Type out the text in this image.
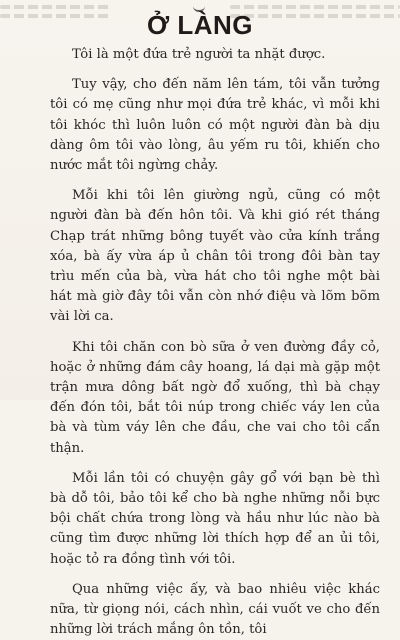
Ở LÀNG

Tôi là một đứa trẻ người ta nhặt được.

Tuy vậy, cho đến năm lên tám, tôi vẫn tưởng tôi có mẹ cũng như mọi đứa trẻ khác, vì mỗi khi tôi khóc thì luôn luôn có một người đàn bà dịu dàng ôm tôi vào lòng, âu yếm ru tôi, khiến cho nước mắt tôi ngừng chảy.

Mỗi khi tôi lên giường ngủ, cũng có một người đàn bà đến hôn tôi. Và khi gió rét tháng Chạp trát những bông tuyết vào cửa kính trắng xóa, bà ấy vừa áp ủ chân tôi trong đôi bàn tay trìu mến của bà, vừa hát cho tôi nghe một bài hát mà giờ đây tôi vẫn còn nhớ điệu và lõm bõm vài lời ca.

Khi tôi chăn con bò sữa ở ven đường đầy cỏ, hoặc ở những đám cây hoang, lá dại mà gặp một trận mưa dông bất ngờ đổ xuống, thì bà chạy đến đón tôi, bắt tôi núp trong chiếc váy len của bà và tùm váy lên che đầu, che vai cho tôi cẩn thận.

Mỗi lần tôi có chuyện gây gổ với bạn bè thì bà dỗ tôi, bảo tôi kể cho bà nghe những nỗi bực bội chất chứa trong lòng và hầu như lúc nào bà cũng tìm được những lời thích hợp để an ủi tôi, hoặc tỏ ra đồng tình với tôi.

Qua những việc ấy, và bao nhiêu việc khác nữa, từ giọng nói, cách nhìn, cái vuốt ve cho đến những lời trách mắng ôn tồn, tôi
